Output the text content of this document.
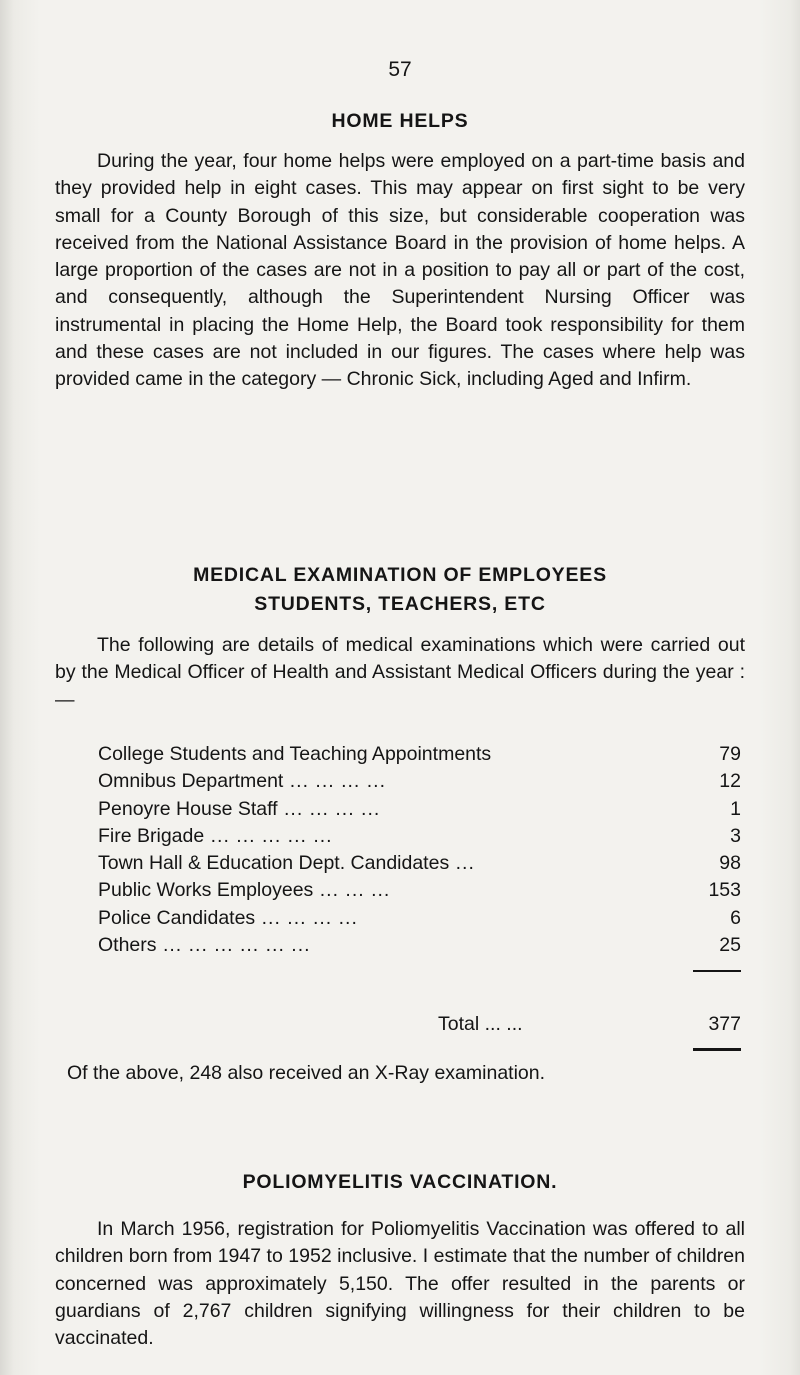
57
HOME HELPS

During the year, four home helps were employed on a part-time basis and they provided help in eight cases. This may appear on first sight to be very small for a County Borough of this size, but considerable cooperation was received from the National Assistance Board in the provision of home helps. A large proportion of the cases are not in a position to pay all or part of the cost, and consequently, although the Superintendent Nursing Officer was instrumental in placing the Home Help, the Board took responsibility for them and these cases are not included in our figures. The cases where help was provided came in the category — Chronic Sick, including Aged and Infirm.

MEDICAL EXAMINATION OF EMPLOYEES
STUDENTS, TEACHERS, ETC

The following are details of medical examinations which were carried out by the Medical Officer of Health and Assistant Medical Officers during the year :—

College Students and Teaching Appointments	79
Omnibus Department ... ... ... ...	12
Penoyre House Staff ... ... ... ...	1
Fire Brigade ... ... ... ... ...	3
Town Hall & Education Dept. Candidates ...	98
Public Works Employees ... ... ...	153
Police Candidates ... ... ... ...	6
Others ... ... ... ... ... ...	25
Total ... ...	377

Of the above, 248 also received an X-Ray examination.

POLIOMYELITIS VACCINATION.

In March 1956, registration for Poliomyelitis Vaccination was offered to all children born from 1947 to 1952 inclusive. I estimate that the number of children concerned was approximately 5,150. The offer resulted in the parents or guardians of 2,767 children signifying willingness for their children to be vaccinated.
